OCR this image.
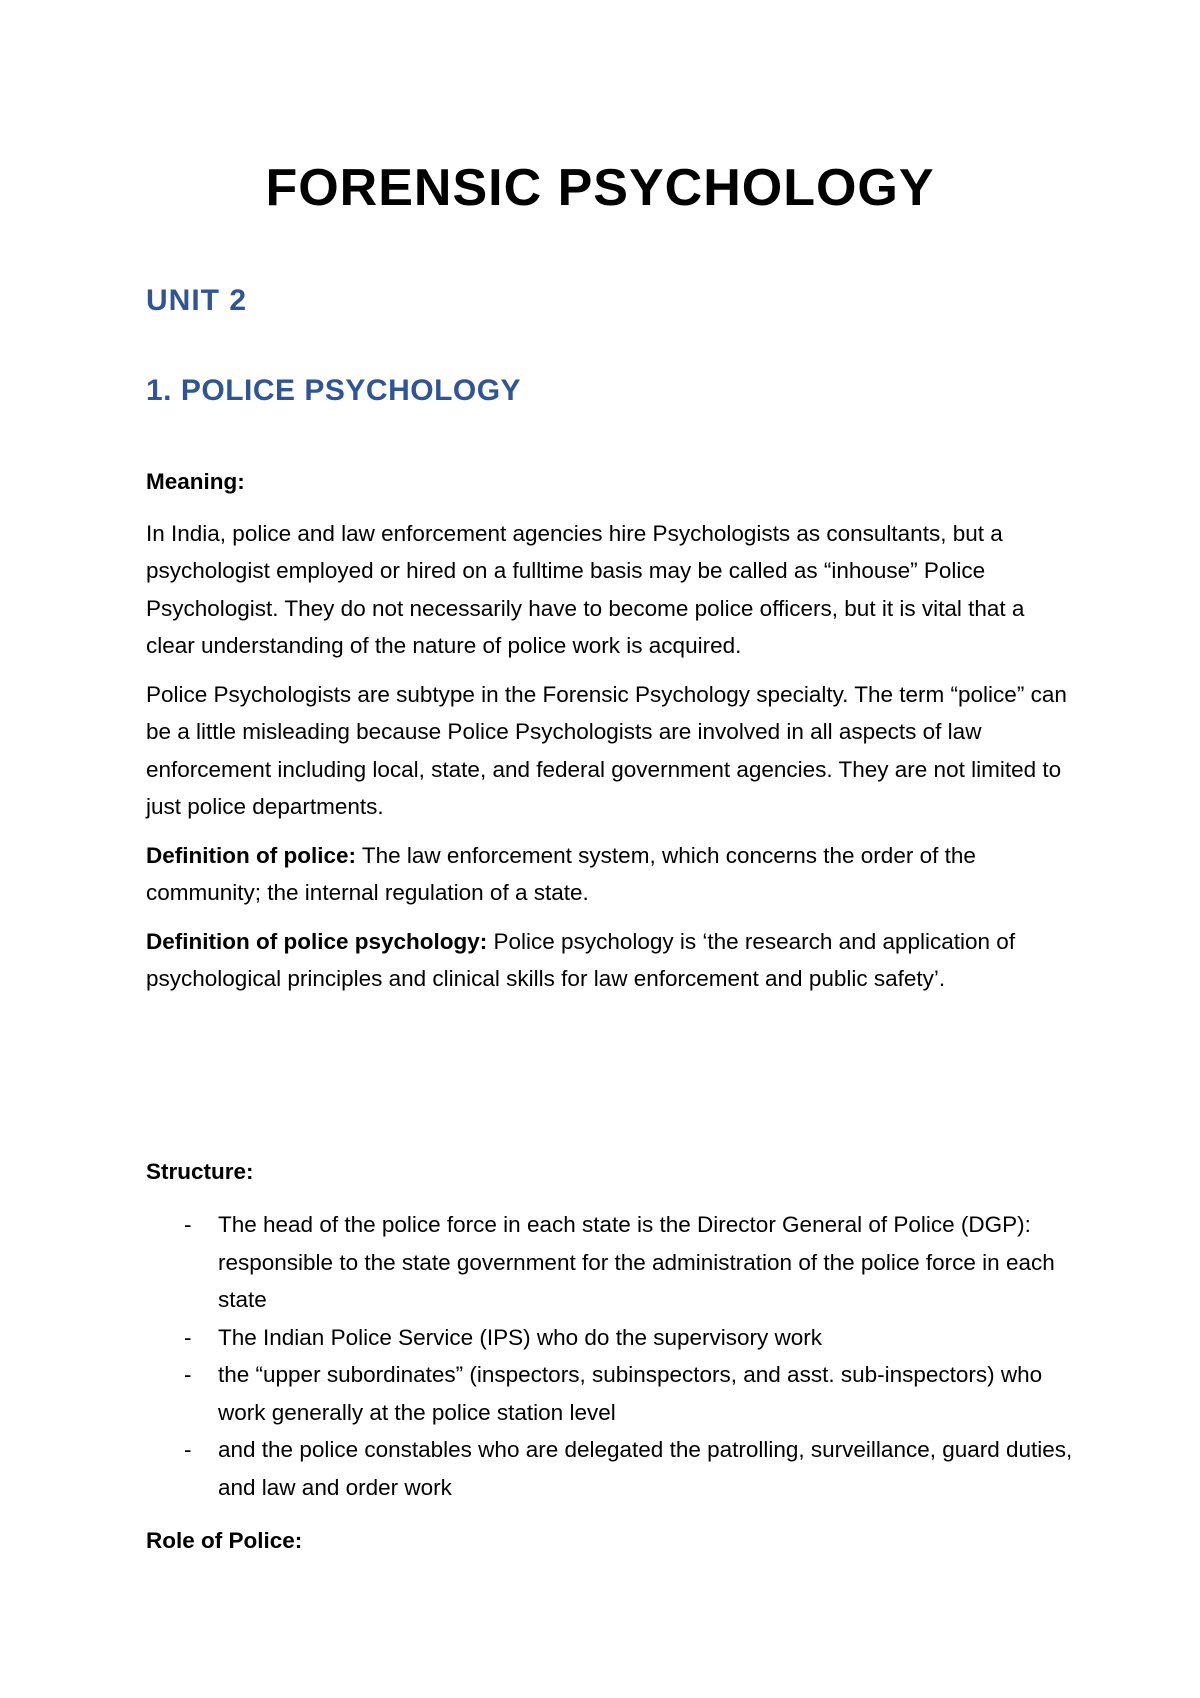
FORENSIC PSYCHOLOGY
UNIT 2
1. POLICE PSYCHOLOGY

Meaning:

In India, police and law enforcement agencies hire Psychologists as consultants, but a psychologist employed or hired on a fulltime basis may be called as “inhouse” Police Psychologist. They do not necessarily have to become police officers, but it is vital that a clear understanding of the nature of police work is acquired.

Police Psychologists are subtype in the Forensic Psychology specialty. The term “police” can be a little misleading because Police Psychologists are involved in all aspects of law enforcement including local, state, and federal government agencies. They are not limited to just police departments.

Definition of police: The law enforcement system, which concerns the order of the community; the internal regulation of a state.

Definition of police psychology: Police psychology is ‘the research and application of psychological principles and clinical skills for law enforcement and public safety’.

Structure:

- The head of the police force in each state is the Director General of Police (DGP): responsible to the state government for the administration of the police force in each state
- The Indian Police Service (IPS) who do the supervisory work
- the “upper subordinates” (inspectors, subinspectors, and asst. sub-inspectors) who work generally at the police station level
- and the police constables who are delegated the patrolling, surveillance, guard duties, and law and order work

Role of Police:
